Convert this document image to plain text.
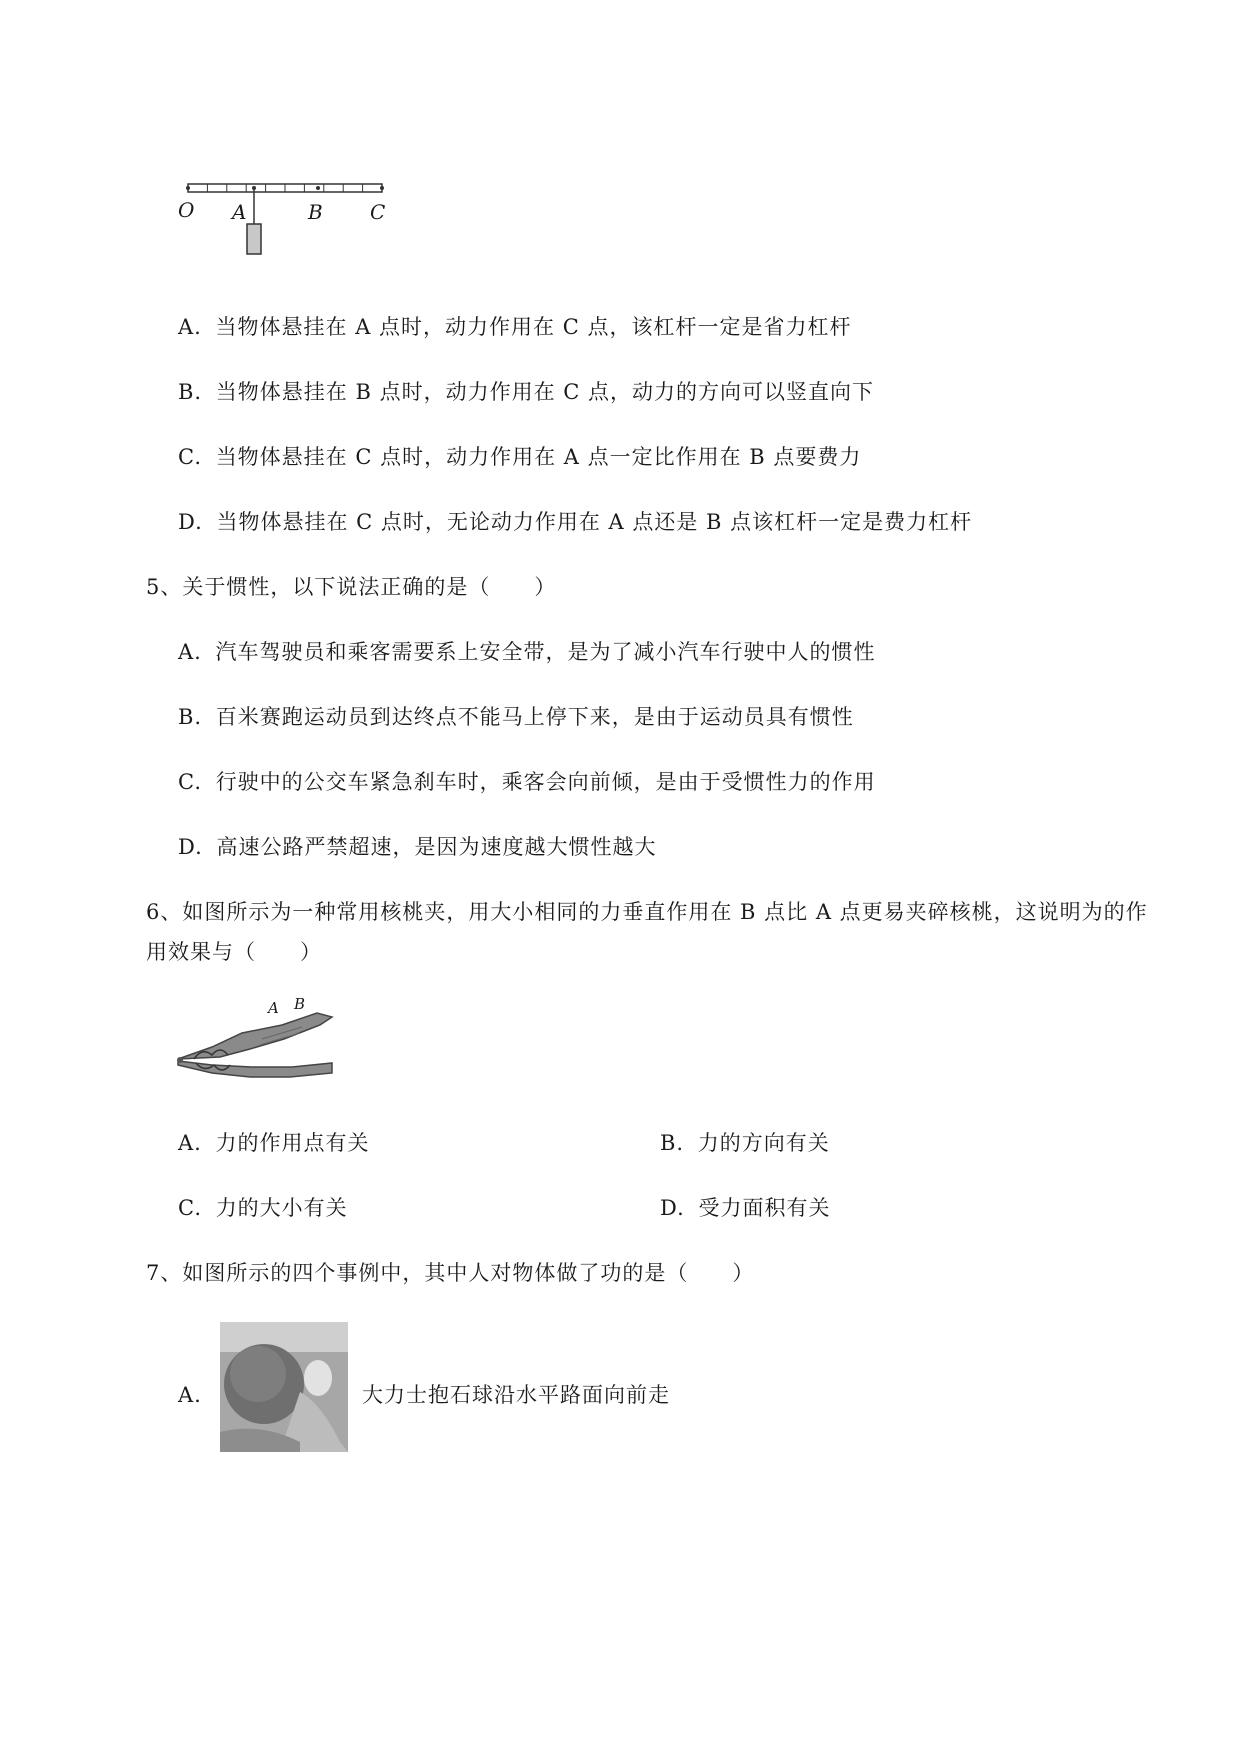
O A	B C
A. 当物体悬挂在 A 点时，动力作用在 C 点，该杠杆一定是省力杠杆
B. 当物体悬挂在 B 点时，动力作用在 C 点，动力的方向可以竖直向下
C. 当物体悬挂在 C 点时，动力作用在 A 点一定比作用在 B 点要费力
D. 当物体悬挂在 C 点时，无论动力作用在 A 点还是 B 点该杠杆一定是费力杠杆
5、关于惯性，以下说法正确的是（　　）
A. 汽车驾驶员和乘客需要系上安全带，是为了减小汽车行驶中人的惯性
B. 百米赛跑运动员到达终点不能马上停下来，是由于运动员具有惯性
C. 行驶中的公交车紧急刹车时，乘客会向前倾，是由于受惯性力的作用
D. 高速公路严禁超速，是因为速度越大惯性越大
6、如图所示为一种常用核桃夹，用大小相同的力垂直作用在 B 点比 A 点更易夹碎核桃，这说明为的作
用效果与（　　）
A B
A. 力的作用点有关	B. 力的方向有关
C. 力的大小有关	D. 受力面积有关
7、如图所示的四个事例中，其中人对物体做了功的是（　　）
A.	大力士抱石球沿水平路面向前走
